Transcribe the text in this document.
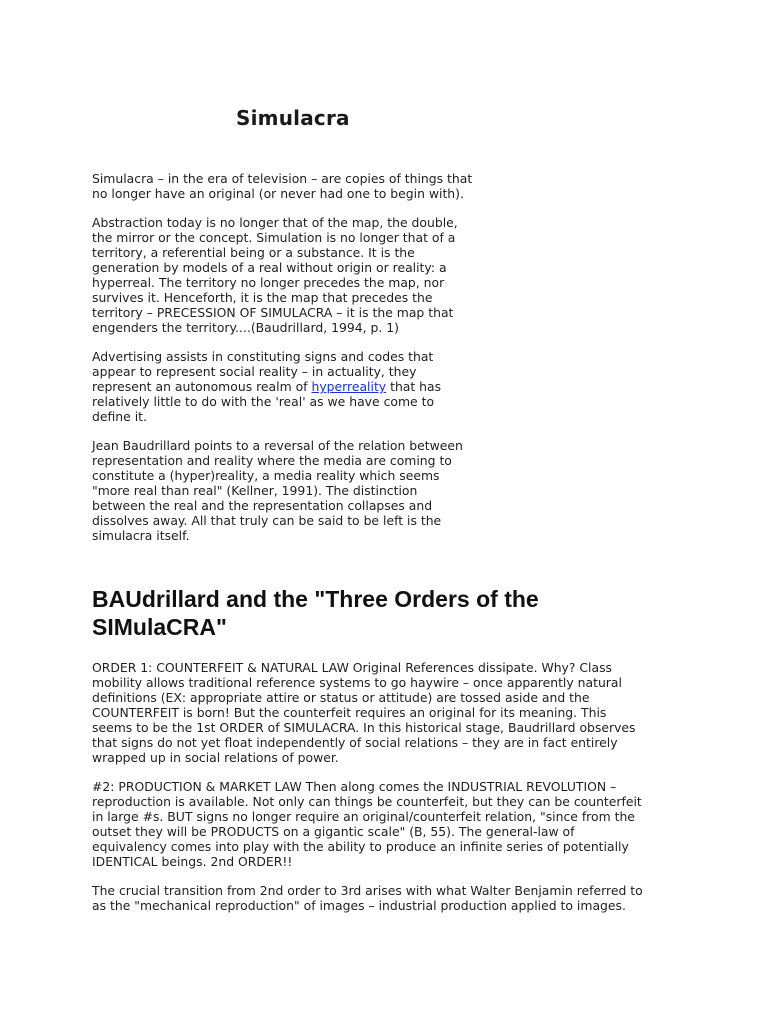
Simulacra

Simulacra – in the era of television – are copies of things that
no longer have an original (or never had one to begin with).

Abstraction today is no longer that of the map, the double,
the mirror or the concept. Simulation is no longer that of a
territory, a referential being or a substance. It is the
generation by models of a real without origin or reality: a
hyperreal. The territory no longer precedes the map, nor
survives it. Henceforth, it is the map that precedes the
territory – PRECESSION OF SIMULACRA – it is the map that
engenders the territory....(Baudrillard, 1994, p. 1)

Advertising assists in constituting signs and codes that
appear to represent social reality – in actuality, they
represent an autonomous realm of hyperreality that has
relatively little to do with the 'real' as we have come to
define it.

Jean Baudrillard points to a reversal of the relation between
representation and reality where the media are coming to
constitute a (hyper)reality, a media reality which seems
"more real than real" (Kellner, 1991). The distinction
between the real and the representation collapses and
dissolves away. All that truly can be said to be left is the
simulacra itself.

BAUdrillard and the "Three Orders of the
SIMulaCRA"

ORDER 1: COUNTERFEIT & NATURAL LAW Original References dissipate. Why? Class
mobility allows traditional reference systems to go haywire – once apparently natural
definitions (EX: appropriate attire or status or attitude) are tossed aside and the
COUNTERFEIT is born! But the counterfeit requires an original for its meaning. This
seems to be the 1st ORDER of SIMULACRA. In this historical stage, Baudrillard observes
that signs do not yet float independently of social relations – they are in fact entirely
wrapped up in social relations of power.

#2: PRODUCTION & MARKET LAW Then along comes the INDUSTRIAL REVOLUTION –
reproduction is available. Not only can things be counterfeit, but they can be counterfeit
in large #s. BUT signs no longer require an original/counterfeit relation, "since from the
outset they will be PRODUCTS on a gigantic scale" (B, 55). The general-law of
equivalency comes into play with the ability to produce an infinite series of potentially
IDENTICAL beings. 2nd ORDER!!

The crucial transition from 2nd order to 3rd arises with what Walter Benjamin referred to
as the "mechanical reproduction" of images – industrial production applied to images.
